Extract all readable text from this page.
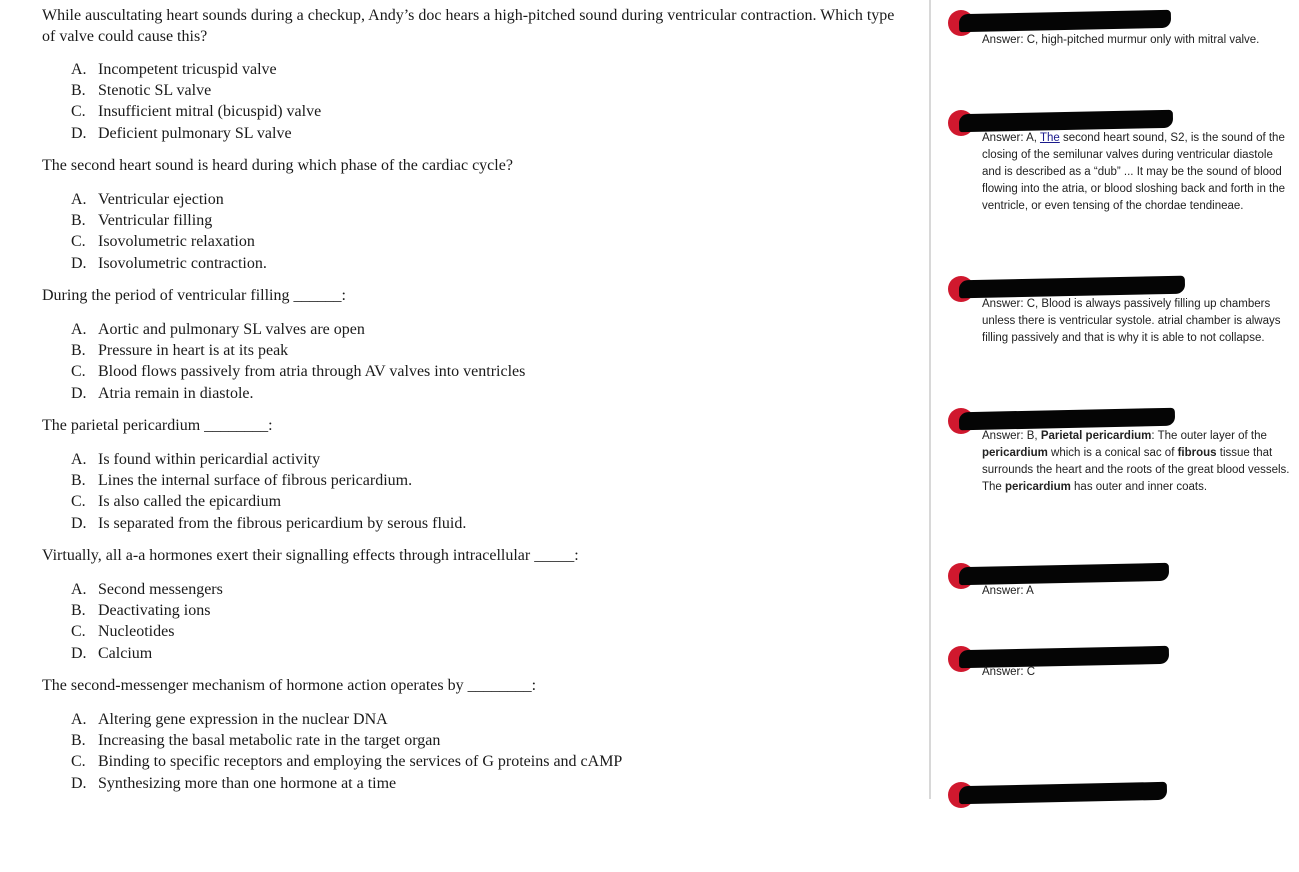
While auscultating heart sounds during a checkup, Andy’s doc hears a high-pitched sound during ventricular contraction. Which type of valve could cause this?
A. Incompetent tricuspid valve
B. Stenotic SL valve
C. Insufficient mitral (bicuspid) valve
D. Deficient pulmonary SL valve
The second heart sound is heard during which phase of the cardiac cycle?
A. Ventricular ejection
B. Ventricular filling
C. Isovolumetric relaxation
D. Isovolumetric contraction.
During the period of ventricular filling ______:
A. Aortic and pulmonary SL valves are open
B. Pressure in heart is at its peak
C. Blood flows passively from atria through AV valves into ventricles
D. Atria remain in diastole.
The parietal pericardium ________:
A. Is found within pericardial activity
B. Lines the internal surface of fibrous pericardium.
C. Is also called the epicardium
D. Is separated from the fibrous pericardium by serous fluid.
Virtually, all a-a hormones exert their signalling effects through intracellular _____:
A. Second messengers
B. Deactivating ions
C. Nucleotides
D. Calcium
The second-messenger mechanism of hormone action operates by ________:
A. Altering gene expression in the nuclear DNA
B. Increasing the basal metabolic rate in the target organ
C. Binding to specific receptors and employing the services of G proteins and cAMP
D. Synthesizing more than one hormone at a time
Answer: C, high-pitched murmur only with mitral valve.
Answer: A, The second heart sound, S2, is the sound of the closing of the semilunar valves during ventricular diastole and is described as a “dub” ... It may be the sound of blood flowing into the atria, or blood sloshing back and forth in the ventricle, or even tensing of the chordae tendineae.
Answer: C, Blood is always passively filling up chambers unless there is ventricular systole. atrial chamber is always filling passively and that is why it is able to not collapse.
Answer: B, Parietal pericardium: The outer layer of the pericardium which is a conical sac of fibrous tissue that surrounds the heart and the roots of the great blood vessels. The pericardium has outer and inner coats.
Answer: A
Answer: C
